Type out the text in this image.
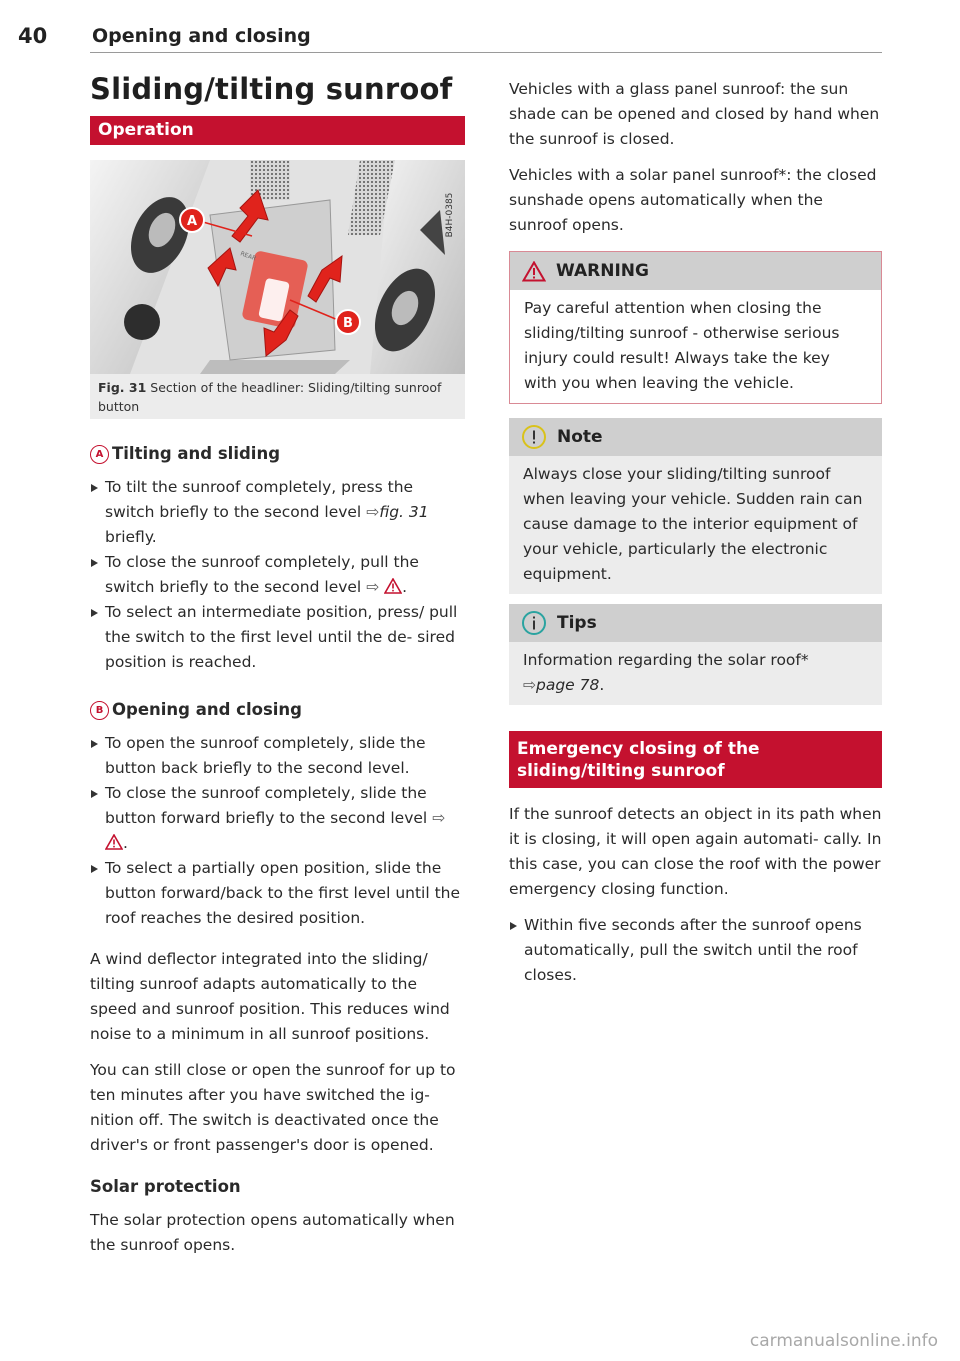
40 Opening and closing
Sliding/tilting sunroof
Operation
A
B
REAR
B4H-0385
Fig. 31 Section of the headliner: Sliding/tilting sunroof button
A Tilting and sliding
To tilt the sunroof completely, press the switch briefly to the second level ⇨fig. 31 briefly.
To close the sunroof completely, pull the switch briefly to the second level ⇨ .
To select an intermediate position, press/ pull the switch to the first level until the de- sired position is reached.
B Opening and closing
To open the sunroof completely, slide the button back briefly to the second level.
To close the sunroof completely, slide the button forward briefly to the second level ⇨ .
To select a partially open position, slide the button forward/back to the first level until the roof reaches the desired position.

A wind deflector integrated into the sliding/ tilting sunroof adapts automatically to the speed and sunroof position. This reduces wind noise to a minimum in all sunroof positions.

You can still close or open the sunroof for up to ten minutes after you have switched the ig- nition off. The switch is deactivated once the driver's or front passenger's door is opened.

Solar protection

The solar protection opens automatically when the sunroof opens.

Vehicles with a glass panel sunroof: the sun shade can be opened and closed by hand when the sunroof is closed.

Vehicles with a solar panel sunroof*: the closed sunshade opens automatically when the sunroof opens.

WARNING

Pay careful attention when closing the sliding/tilting sunroof - otherwise serious injury could result! Always take the key with you when leaving the vehicle.

Note

Always close your sliding/tilting sunroof when leaving your vehicle. Sudden rain can cause damage to the interior equipment of your vehicle, particularly the electronic equipment.

Tips

Information regarding the solar roof*
⇨page 78.

Emergency closing of the sliding/tilting sunroof

If the sunroof detects an object in its path when it is closing, it will open again automati- cally. In this case, you can close the roof with the power emergency closing function.

Within five seconds after the sunroof opens automatically, pull the switch until the roof closes.
carmanualsonline.info
